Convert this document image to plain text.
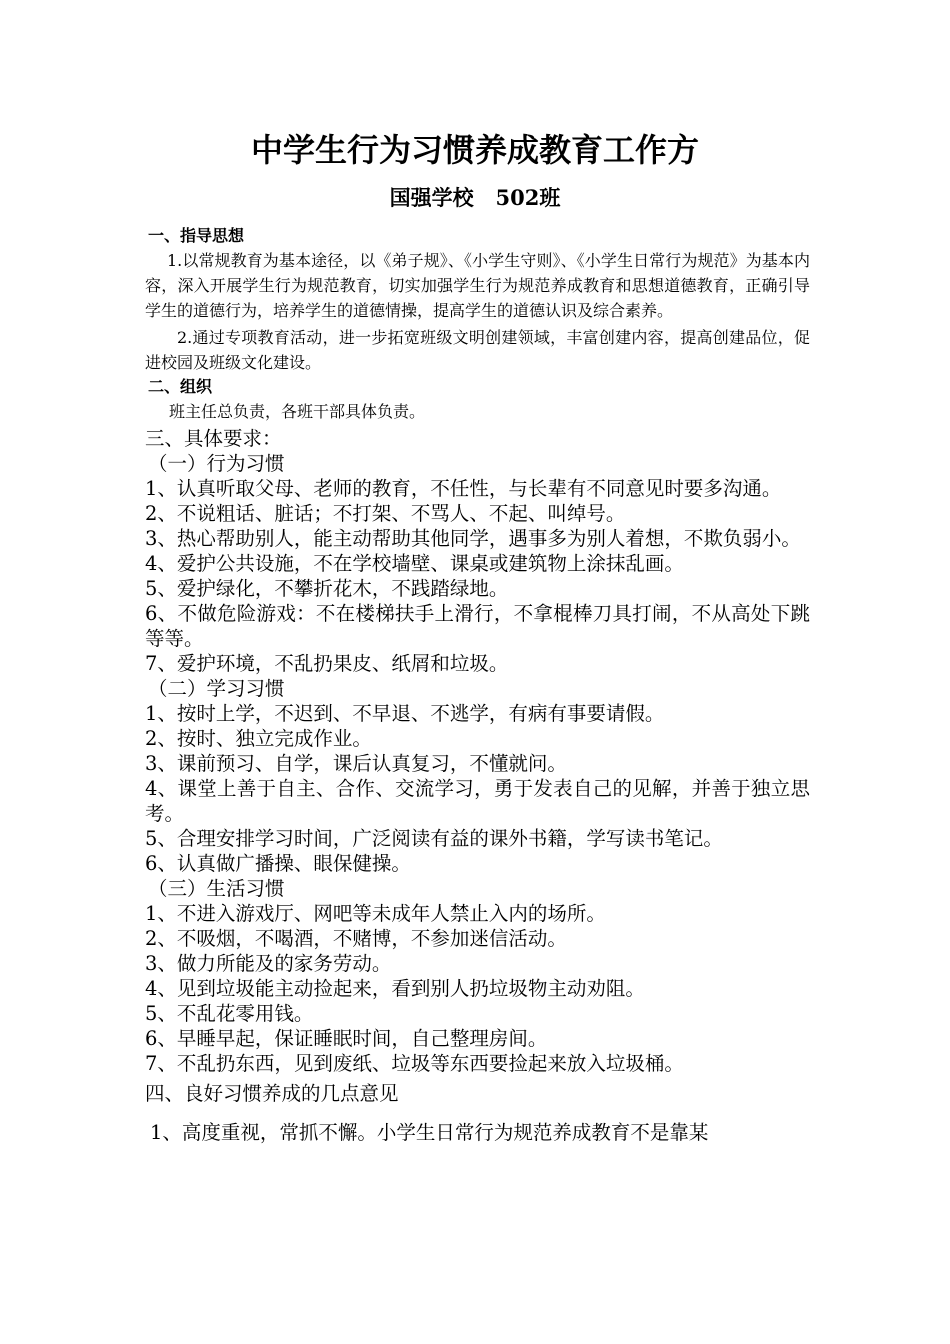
中学生行为习惯养成教育工作方
国强学校   502班
一、指导思想
1.以常规教育为基本途径，以《弟子规》、《小学生守则》、《小学生日常行为规范》为基本内容，深入开展学生行为规范教育，切实加强学生行为规范养成教育和思想道德教育，正确引导学生的道德行为，培养学生的道德情操，提高学生的道德认识及综合素养。
2.通过专项教育活动，进一步拓宽班级文明创建领域，丰富创建内容，提高创建品位，促进校园及班级文化建设。
二、组织
班主任总负责，各班干部具体负责。
三、具体要求：
（一）行为习惯
1、认真听取父母、老师的教育，不任性，与长辈有不同意见时要多沟通。
2、不说粗话、脏话；不打架、不骂人、不起、叫绰号。
3、热心帮助别人，能主动帮助其他同学，遇事多为别人着想，不欺负弱小。
4、爱护公共设施，不在学校墙壁、课桌或建筑物上涂抹乱画。
5、爱护绿化，不攀折花木，不践踏绿地。
6、不做危险游戏：不在楼梯扶手上滑行，不拿棍棒刀具打闹，不从高处下跳等等。
7、爱护环境，不乱扔果皮、纸屑和垃圾。
（二）学习习惯
1、按时上学，不迟到、不早退、不逃学，有病有事要请假。
2、按时、独立完成作业。
3、课前预习、自学，课后认真复习，不懂就问。
4、课堂上善于自主、合作、交流学习，勇于发表自己的见解，并善于独立思考。
5、合理安排学习时间，广泛阅读有益的课外书籍，学写读书笔记。
6、认真做广播操、眼保健操。
（三）生活习惯
1、不进入游戏厅、网吧等未成年人禁止入内的场所。
2、不吸烟，不喝酒，不赌博，不参加迷信活动。
3、做力所能及的家务劳动。
4、见到垃圾能主动捡起来，看到别人扔垃圾物主动劝阻。
5、不乱花零用钱。
6、早睡早起，保证睡眠时间，自己整理房间。
7、不乱扔东西，见到废纸、垃圾等东西要捡起来放入垃圾桶。
四、良好习惯养成的几点意见
1、高度重视，常抓不懈。小学生日常行为规范养成教育不是靠某
